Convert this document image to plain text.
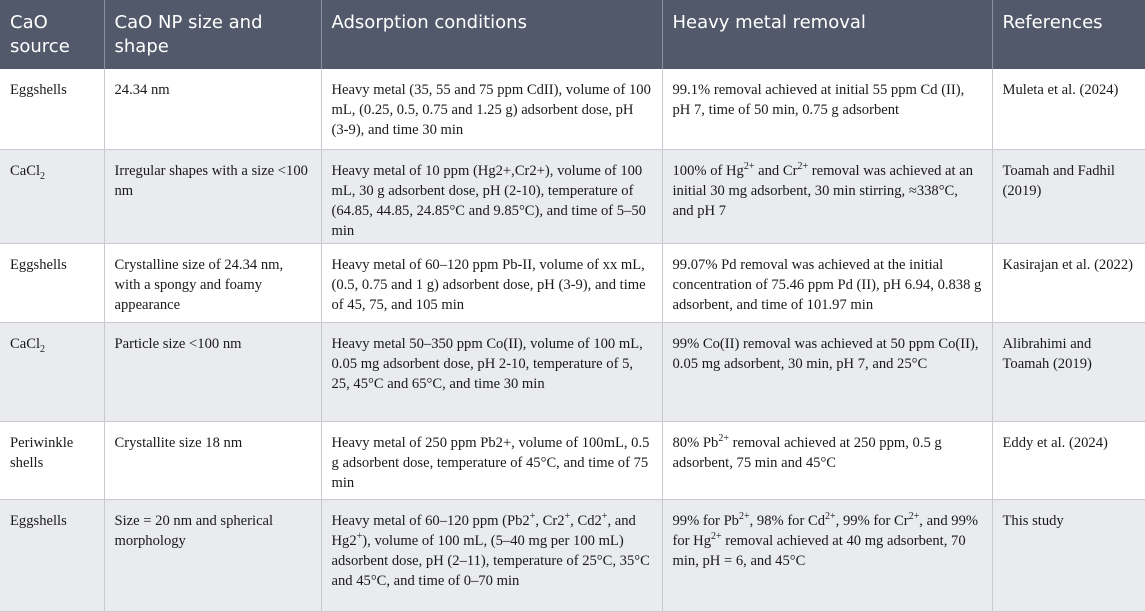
CaO source	CaO NP size and shape	Adsorption conditions	Heavy metal removal	References
Eggshells	24.34 nm	Heavy metal (35, 55 and 75 ppm CdII), volume of 100 mL, (0.25, 0.5, 0.75 and 1.25 g) adsorbent dose, pH (3-9), and time 30 min	99.1% removal achieved at initial 55 ppm Cd (II), pH 7, time of 50 min, 0.75 g adsorbent	Muleta et al. (2024)
CaCl$_2$	Irregular shapes with a size <100 nm	Heavy metal of 10 ppm (Hg2+,Cr2+), volume of 100 mL, 30 g adsorbent dose, pH (2-10), temperature of (64.85, 44.85, 24.85°C and 9.85°C), and time of 5–50 min	100% of $Hg^{2+}$ and $Cr^{2+}$ removal was achieved at an initial 30 mg adsorbent, 30 min stirring, ≈338°C, and pH 7	Toamah and Fadhil (2019)
Eggshells	Crystalline size of 24.34 nm, with a spongy and foamy appearance	Heavy metal of 60–120 ppm Pb-II, volume of xx mL, (0.5, 0.75 and 1 g) adsorbent dose, pH (3-9), and time of 45, 75, and 105 min	99.07% Pd removal was achieved at the initial concentration of 75.46 ppm Pd (II), pH 6.94, 0.838 g adsorbent, and time of 101.97 min	Kasirajan et al. (2022)
CaCl$_2$	Particle size <100 nm	Heavy metal 50–350 ppm Co(II), volume of 100 mL, 0.05 mg adsorbent dose, pH 2-10, temperature of 5, 25, 45°C and 65°C, and time 30 min	99% Co(II) removal was achieved at 50 ppm Co(II), 0.05 mg adsorbent, 30 min, pH 7, and 25°C	Alibrahimi and Toamah (2019)
Periwinkle shells	Crystallite size 18 nm	Heavy metal of 250 ppm Pb2+, volume of 100mL, 0.5 g adsorbent dose, temperature of 45°C, and time of 75 min	80% $Pb^{2+}$ removal achieved at 250 ppm, 0.5 g adsorbent, 75 min and 45°C	Eddy et al. (2024)
Eggshells	Size = 20 nm and spherical morphology	Heavy metal of 60–120 ppm (Pb2+, Cr2+, Cd2+, and Hg2+), volume of 100 mL, (5–40 mg per 100 mL) adsorbent dose, pH (2–11), temperature of 25°C, 35°C and 45°C, and time of 0–70 min	99% for $Pb^{2+}$, 98% for $Cd^{2+}$, 99% for $Cr^{2+}$, and 99% for $Hg^{2+}$ removal achieved at 40 mg adsorbent, 70 min, pH = 6, and 45°C	This study
